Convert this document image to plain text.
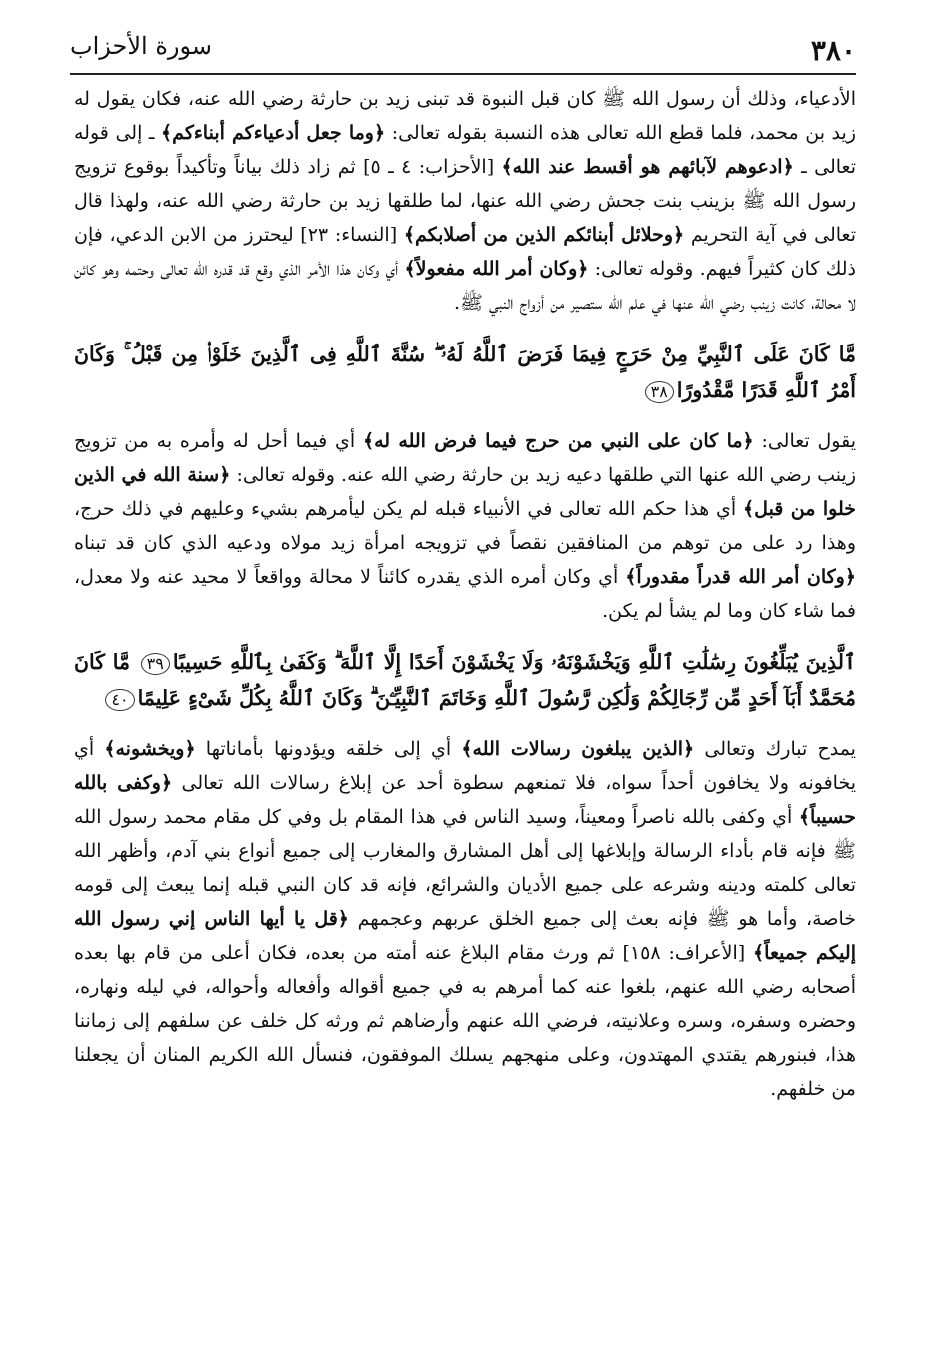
٣٨٠
سورة الأحزاب

الأدعياء، وذلك أن رسول الله ﷺ كان قبل النبوة قد تبنى زيد بن حارثة رضي الله عنه، فكان يقول له زيد بن محمد، فلما قطع الله تعالى هذه النسبة بقوله تعالى: ﴿وما جعل أدعياءكم أبناءكم﴾ ـ إلى قوله تعالى ـ ﴿ادعوهم لآبائهم هو أقسط عند الله﴾ [الأحزاب: ٤ ـ ٥] ثم زاد ذلك بياناً وتأكيداً بوقوع تزويج رسول الله ﷺ بزينب بنت جحش رضي الله عنها، لما طلقها زيد بن حارثة رضي الله عنه، ولهذا قال تعالى في آية التحريم ﴿وحلائل أبنائكم الذين من أصلابكم﴾ [النساء: ٢٣] ليحترز من الابن الدعي، فإن ذلك كان كثيراً فيهم. وقوله تعالى: ﴿وكان أمر الله مفعولاً﴾ أي وكان هذا الأمر الذي وقع قد قدره الله تعالى وحتمه وهو كائن لا محالة، كانت زينب رضي الله عنها في علم الله ستصير من أزواج النبي ﷺ.

مَّا كَانَ عَلَى ٱلنَّبِيِّ مِنْ حَرَجٍ فِيمَا فَرَضَ ٱللَّهُ لَهُۥ ۖ سُنَّةَ ٱللَّهِ فِى ٱلَّذِينَ خَلَوْا۟ مِن قَبْلُ ۚ وَكَانَ أَمْرُ ٱللَّهِ قَدَرًا مَّقْدُورًا٣٨

يقول تعالى: ﴿ما كان على النبي من حرج فيما فرض الله له﴾ أي فيما أحل له وأمره به من تزويج زينب رضي الله عنها التي طلقها دعيه زيد بن حارثة رضي الله عنه. وقوله تعالى: ﴿سنة الله في الذين خلوا من قبل﴾ أي هذا حكم الله تعالى في الأنبياء قبله لم يكن ليأمرهم بشيء وعليهم في ذلك حرج، وهذا رد على من توهم من المنافقين نقصاً في تزويجه امرأة زيد مولاه ودعيه الذي كان قد تبناه ﴿وكان أمر الله قدراً مقدوراً﴾ أي وكان أمره الذي يقدره كائناً لا محالة وواقعاً لا محيد عنه ولا معدل، فما شاء كان وما لم يشأ لم يكن.

ٱلَّذِينَ يُبَلِّغُونَ رِسَٰلَٰتِ ٱللَّهِ وَيَخْشَوْنَهُۥ وَلَا يَخْشَوْنَ أَحَدًا إِلَّا ٱللَّهَ ۗ وَكَفَىٰ بِٱللَّهِ حَسِيبًا٣٩ مَّا كَانَ مُحَمَّدٌ أَبَآ أَحَدٍ مِّن رِّجَالِكُمْ وَلَٰكِن رَّسُولَ ٱللَّهِ وَخَاتَمَ ٱلنَّبِيِّـۧنَ ۗ وَكَانَ ٱللَّهُ بِكُلِّ شَىْءٍ عَلِيمًا٤٠

يمدح تبارك وتعالى ﴿الذين يبلغون رسالات الله﴾ أي إلى خلقه ويؤدونها بأماناتها ﴿ويخشونه﴾ أي يخافونه ولا يخافون أحداً سواه، فلا تمنعهم سطوة أحد عن إبلاغ رسالات الله تعالى ﴿وكفى بالله حسيباً﴾ أي وكفى بالله ناصراً ومعيناً، وسيد الناس في هذا المقام بل وفي كل مقام محمد رسول الله ﷺ فإنه قام بأداء الرسالة وإبلاغها إلى أهل المشارق والمغارب إلى جميع أنواع بني آدم، وأظهر الله تعالى كلمته ودينه وشرعه على جميع الأديان والشرائع، فإنه قد كان النبي قبله إنما يبعث إلى قومه خاصة، وأما هو ﷺ فإنه بعث إلى جميع الخلق عربهم وعجمهم ﴿قل يا أيها الناس إني رسول الله إليكم جميعاً﴾ [الأعراف: ١٥٨] ثم ورث مقام البلاغ عنه أمته من بعده، فكان أعلى من قام بها بعده أصحابه رضي الله عنهم، بلغوا عنه كما أمرهم به في جميع أقواله وأفعاله وأحواله، في ليله ونهاره، وحضره وسفره، وسره وعلانيته، فرضي الله عنهم وأرضاهم ثم ورثه كل خلف عن سلفهم إلى زماننا هذا، فبنورهم يقتدي المهتدون، وعلى منهجهم يسلك الموفقون، فنسأل الله الكريم المنان أن يجعلنا من خلفهم.
